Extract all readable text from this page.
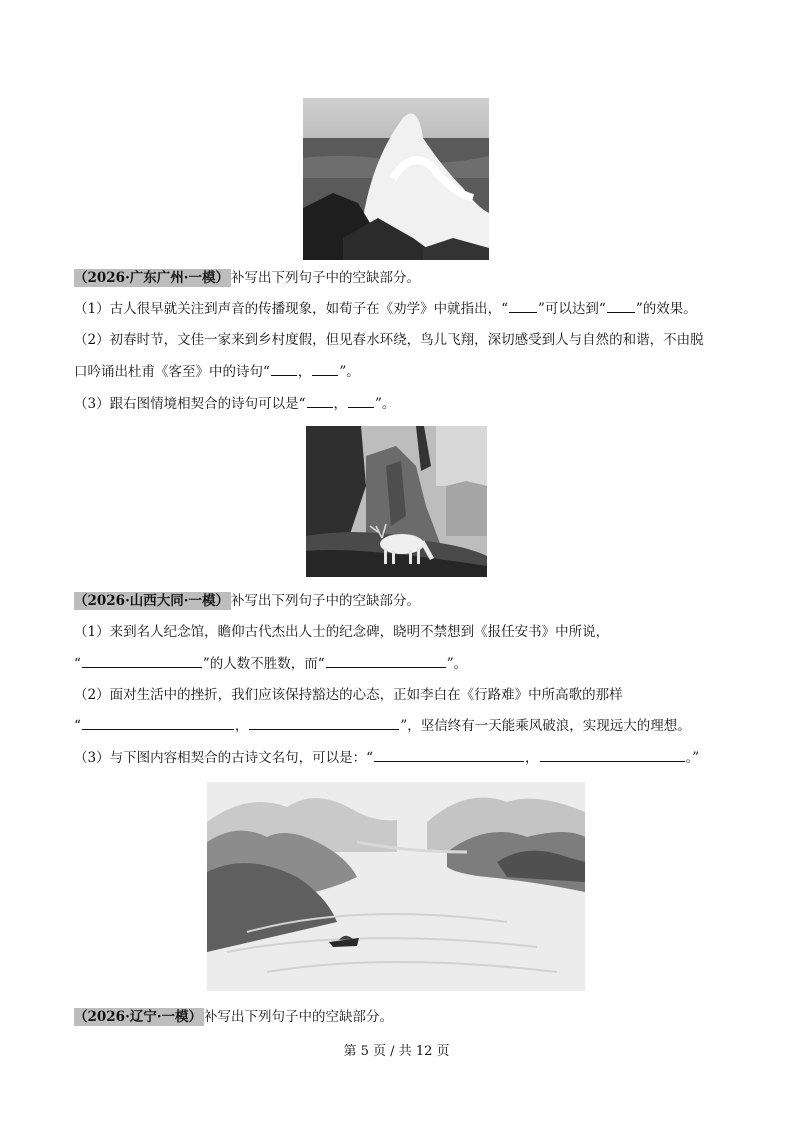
（2026·广东广州·一模） 补写出下列句子中的空缺部分。
（1）古人很早就关注到声音的传播现象，如荀子在《劝学》中就指出，“ ”可以达到“ ”的效果。
（2）初春时节，文佳一家来到乡村度假，但见春水环绕，鸟儿飞翔，深切感受到人与自然的和谐，不由脱
口吟诵出杜甫《客至》中的诗句“ ， ”。
（3）跟右图情境相契合的诗句可以是“ ， ”。
（2026·山西大同·一模） 补写出下列句子中的空缺部分。
（1）来到名人纪念馆，瞻仰古代杰出人士的纪念碑，晓明不禁想到《报任安书》中所说，
“	”的人数不胜数，而“	”。
（2）面对生活中的挫折，我们应该保持豁达的心态，正如李白在《行路难》中所高歌的那样
“	，	”，坚信终有一天能乘风破浪，实现远大的理想。
（3）与下图内容相契合的古诗文名句，可以是：“	，	。”
（2026·辽宁·一模） 补写出下列句子中的空缺部分。
第 5 页 / 共 12 页
